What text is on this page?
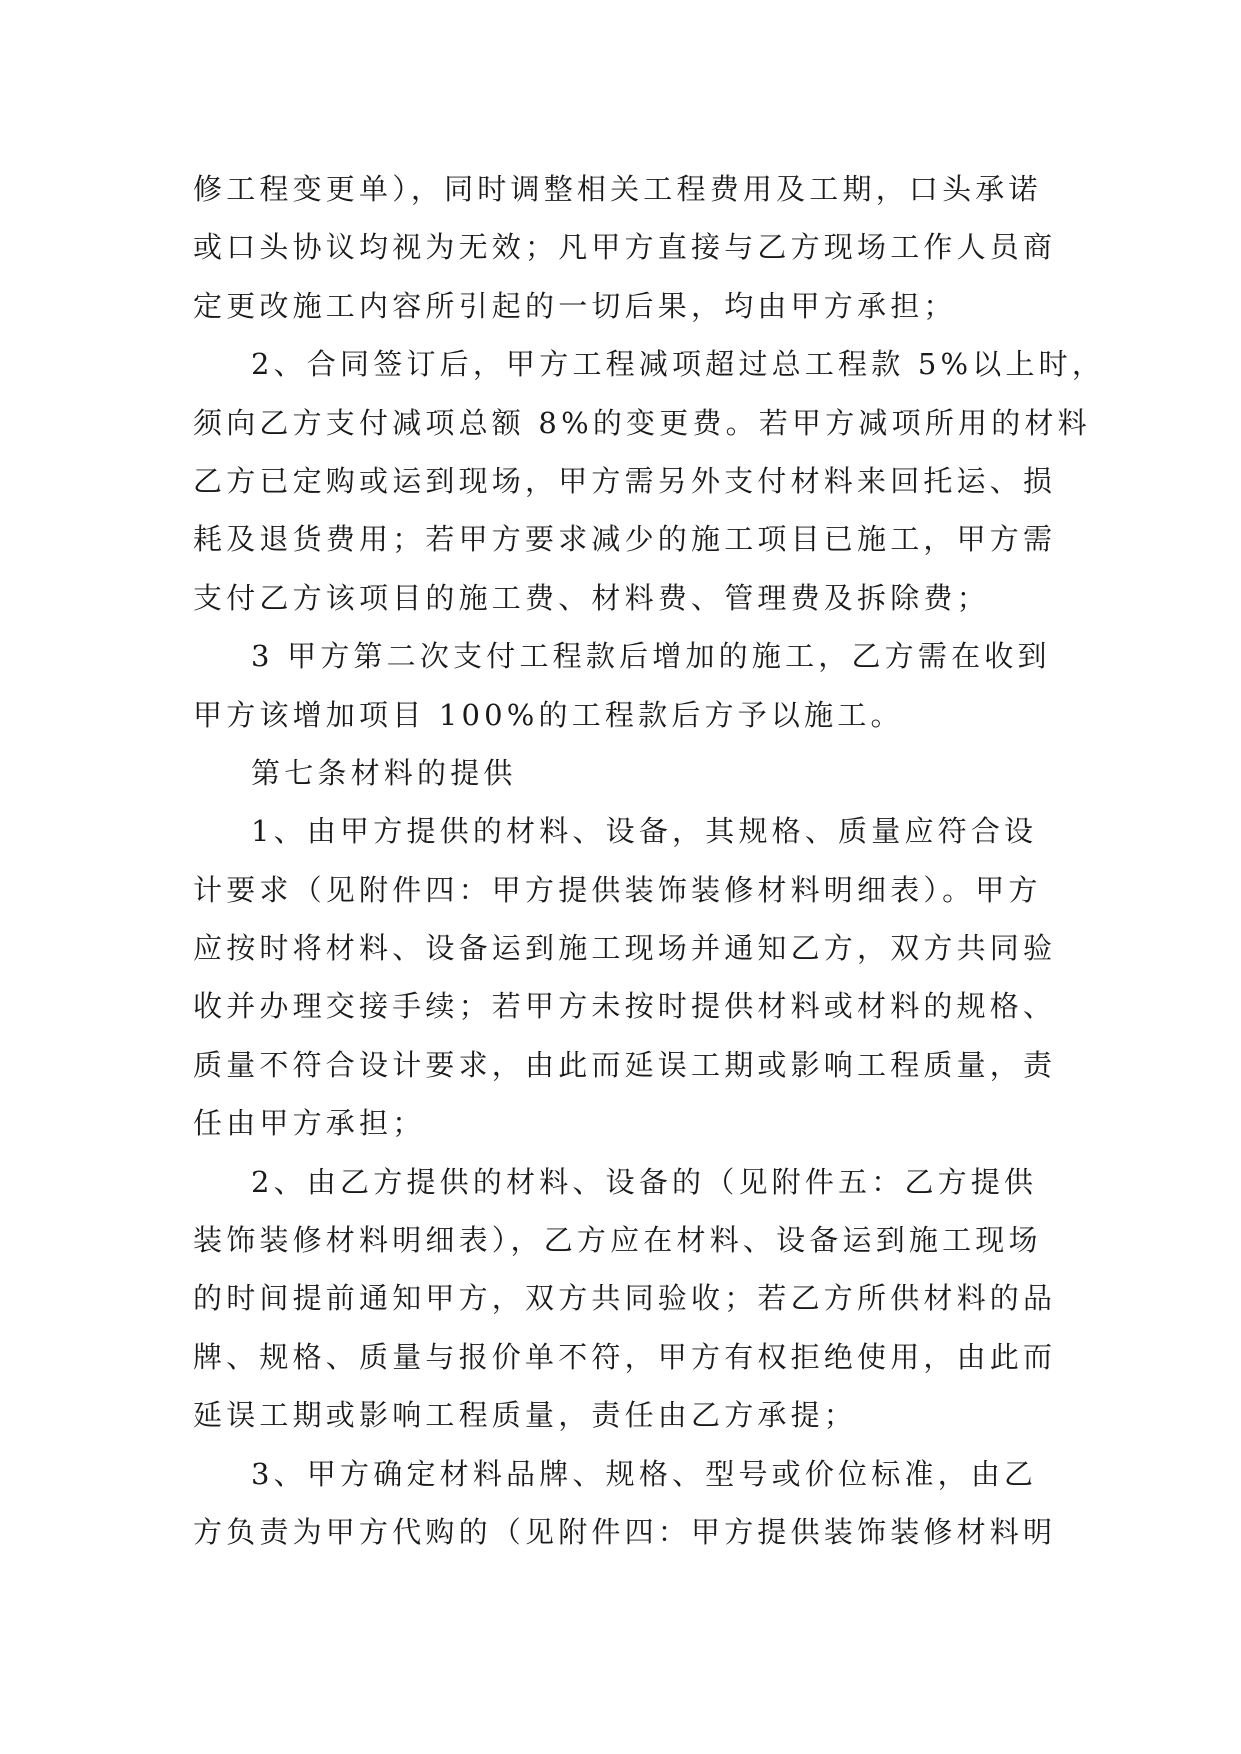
修工程变更单），同时调整相关工程费用及工期，口头承诺
或口头协议均视为无效；凡甲方直接与乙方现场工作人员商
定更改施工内容所引起的一切后果，均由甲方承担；
2、合同签订后，甲方工程减项超过总工程款 5%以上时，
须向乙方支付减项总额 8%的变更费。若甲方减项所用的材料
乙方已定购或运到现场，甲方需另外支付材料来回托运、损
耗及退货费用；若甲方要求减少的施工项目已施工，甲方需
支付乙方该项目的施工费、材料费、管理费及拆除费；
3 甲方第二次支付工程款后增加的施工，乙方需在收到
甲方该增加项目 100%的工程款后方予以施工。
第七条材料的提供
1、由甲方提供的材料、设备，其规格、质量应符合设
计要求（见附件四：甲方提供装饰装修材料明细表）。甲方
应按时将材料、设备运到施工现场并通知乙方，双方共同验
收并办理交接手续；若甲方未按时提供材料或材料的规格、
质量不符合设计要求，由此而延误工期或影响工程质量，责
任由甲方承担；
2、由乙方提供的材料、设备的（见附件五：乙方提供
装饰装修材料明细表），乙方应在材料、设备运到施工现场
的时间提前通知甲方，双方共同验收；若乙方所供材料的品
牌、规格、质量与报价单不符，甲方有权拒绝使用，由此而
延误工期或影响工程质量，责任由乙方承提；
3、甲方确定材料品牌、规格、型号或价位标准，由乙
方负责为甲方代购的（见附件四：甲方提供装饰装修材料明
